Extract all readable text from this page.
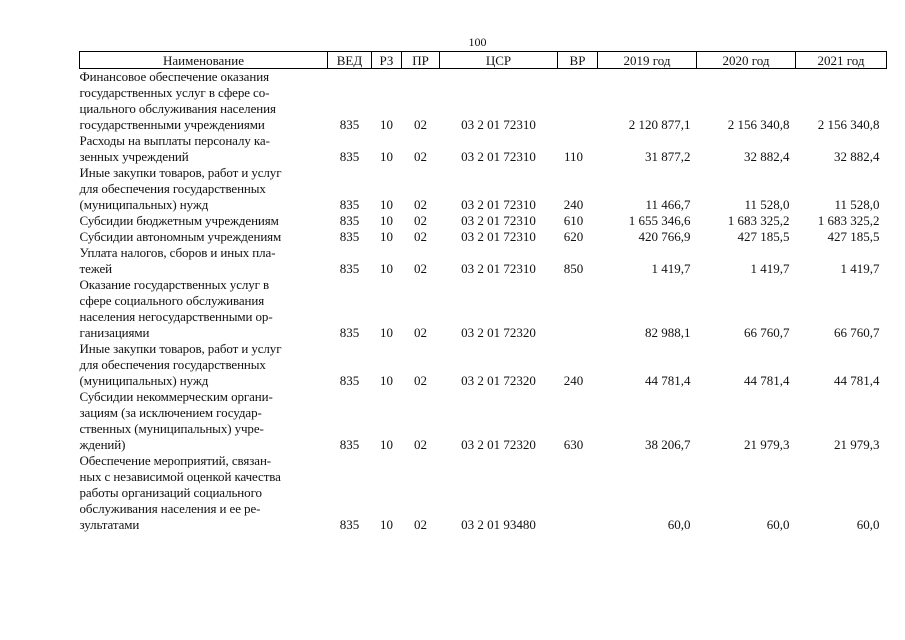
100
Наименование	ВЕД	РЗ	ПР	ЦСР	ВР	2019 год	2020 год	2021 год
Финансовое обеспечение оказания
государственных услуг в сфере со-
циального обслуживания населения
государственными учреждениями	835	10	02	03 2 01 72310		2 120 877,1	2 156 340,8	2 156 340,8
Расходы на выплаты персоналу ка-
зенных учреждений	835	10	02	03 2 01 72310	110	31 877,2	32 882,4	32 882,4
Иные закупки товаров, работ и услуг
для обеспечения государственных
(муниципальных) нужд	835	10	02	03 2 01 72310	240	11 466,7	11 528,0	11 528,0
Субсидии бюджетным учреждениям	835	10	02	03 2 01 72310	610	1 655 346,6	1 683 325,2	1 683 325,2
Субсидии автономным учреждениям	835	10	02	03 2 01 72310	620	420 766,9	427 185,5	427 185,5
Уплата налогов, сборов и иных пла-
тежей	835	10	02	03 2 01 72310	850	1 419,7	1 419,7	1 419,7
Оказание государственных услуг в
сфере социального обслуживания
населения негосударственными ор-
ганизациями	835	10	02	03 2 01 72320		82 988,1	66 760,7	66 760,7
Иные закупки товаров, работ и услуг
для обеспечения государственных
(муниципальных) нужд	835	10	02	03 2 01 72320	240	44 781,4	44 781,4	44 781,4
Субсидии некоммерческим органи-
зациям (за исключением государ-
ственных (муниципальных) учре-
ждений)	835	10	02	03 2 01 72320	630	38 206,7	21 979,3	21 979,3
Обеспечение мероприятий, связан-
ных с независимой оценкой качества
работы организаций социального
обслуживания населения и ее ре-
зультатами	835	10	02	03 2 01 93480		60,0	60,0	60,0
